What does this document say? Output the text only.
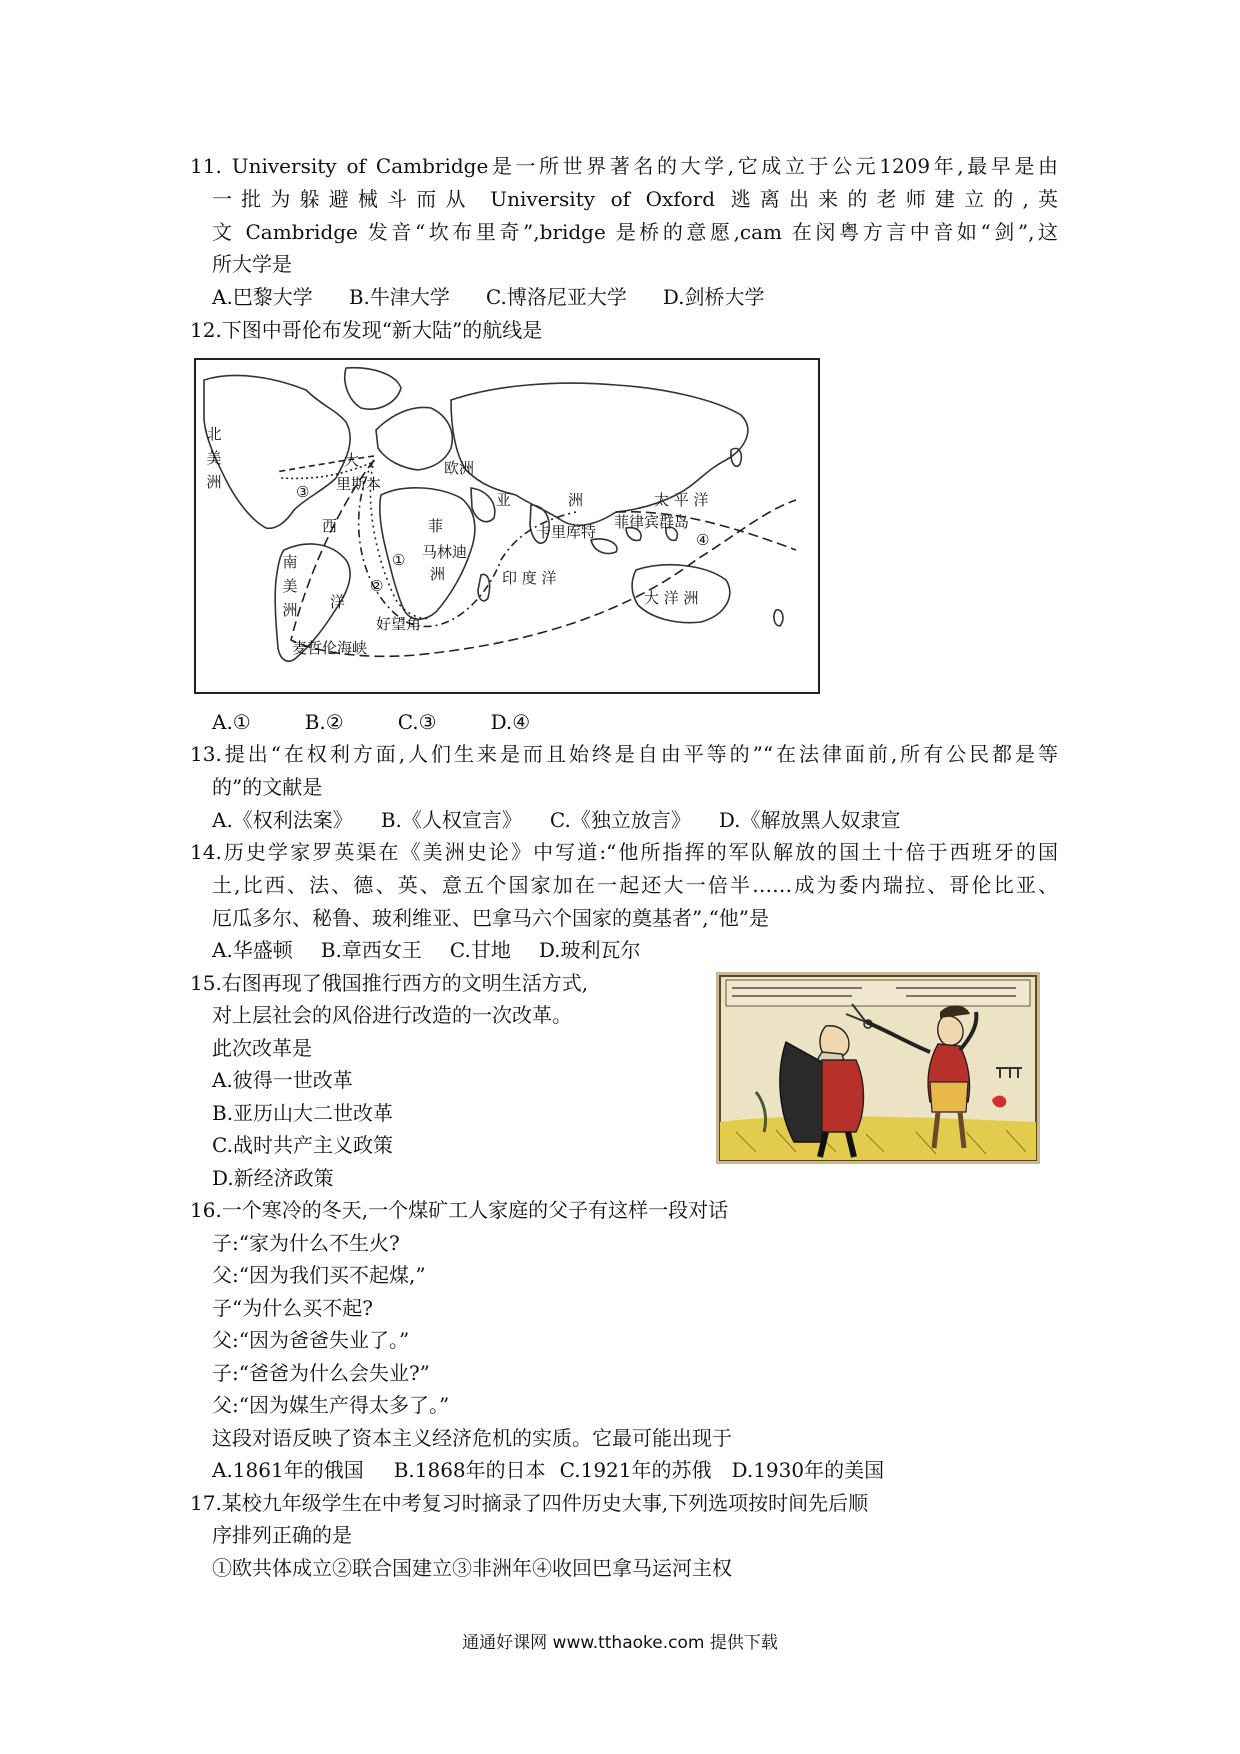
11. University of Cambridge是一所世界著名的大学,它成立于公元1209年,最早是由
一批为躲避械斗而从 University of Oxford 逃离出来的老师建立的,英
文 Cambridge 发音“坎布里奇”,bridge 是桥的意愿,cam 在闵粤方言中音如“剑”,这
所大学是
A.巴黎大学 B.牛津大学 C.博洛尼亚大学 D.剑桥大学
12.下图中哥伦布发现“新大陆”的航线是
北美洲
大
里斯本
欧洲
③	亚	洲	太 平 洋
西	菲	卡里库特
菲律宾群岛
④
马林迪
①
南美洲
洲	印 度 洋
②
洋	大 洋 洲
好望角
麦哲伦海峡
A.①	B.②	C.③	D.④
13.提出“在权利方面,人们生来是而且始终是自由平等的”“在法律面前,所有公民都是等
的”的文献是
A.《权利法案》 B.《人权宣言》 C.《独立放言》 D.《解放黑人奴隶宣
14.历史学家罗英渠在《美洲史论》中写道:“他所指挥的军队解放的国土十倍于西班牙的国
土,比西、法、德、英、意五个国家加在一起还大一倍半……成为委内瑞拉、哥伦比亚、
厄瓜多尔、秘鲁、玻利维亚、巴拿马六个国家的奠基者”,“他”是
A.华盛顿 B.章西女王 C.甘地 D.玻利瓦尔
15.右图再现了俄国推行西方的文明生活方式,
对上层社会的风俗进行改造的一次改革。
此次改革是
A.彼得一世改革
B.亚历山大二世改革
C.战时共产主义政策
D.新经济政策
16.一个寒冷的冬天,一个煤矿工人家庭的父子有这样一段对话
子:“家为什么不生火?
父:“因为我们买不起煤,”
子“为什么买不起?
父:“因为爸爸失业了。”
子:“爸爸为什么会失业?”
父:“因为媒生产得太多了。”
这段对语反映了资本主义经济危机的实质。它最可能出现于
A.1861年的俄国 B.1868年的日本 C.1921年的苏俄 D.1930年的美国
17.某校九年级学生在中考复习时摘录了四件历史大事,下列选项按时间先后顺
序排列正确的是
①欧共体成立②联合国建立③非洲年④收回巴拿马运河主权
通通好课网 www.tthaoke.com 提供下载
